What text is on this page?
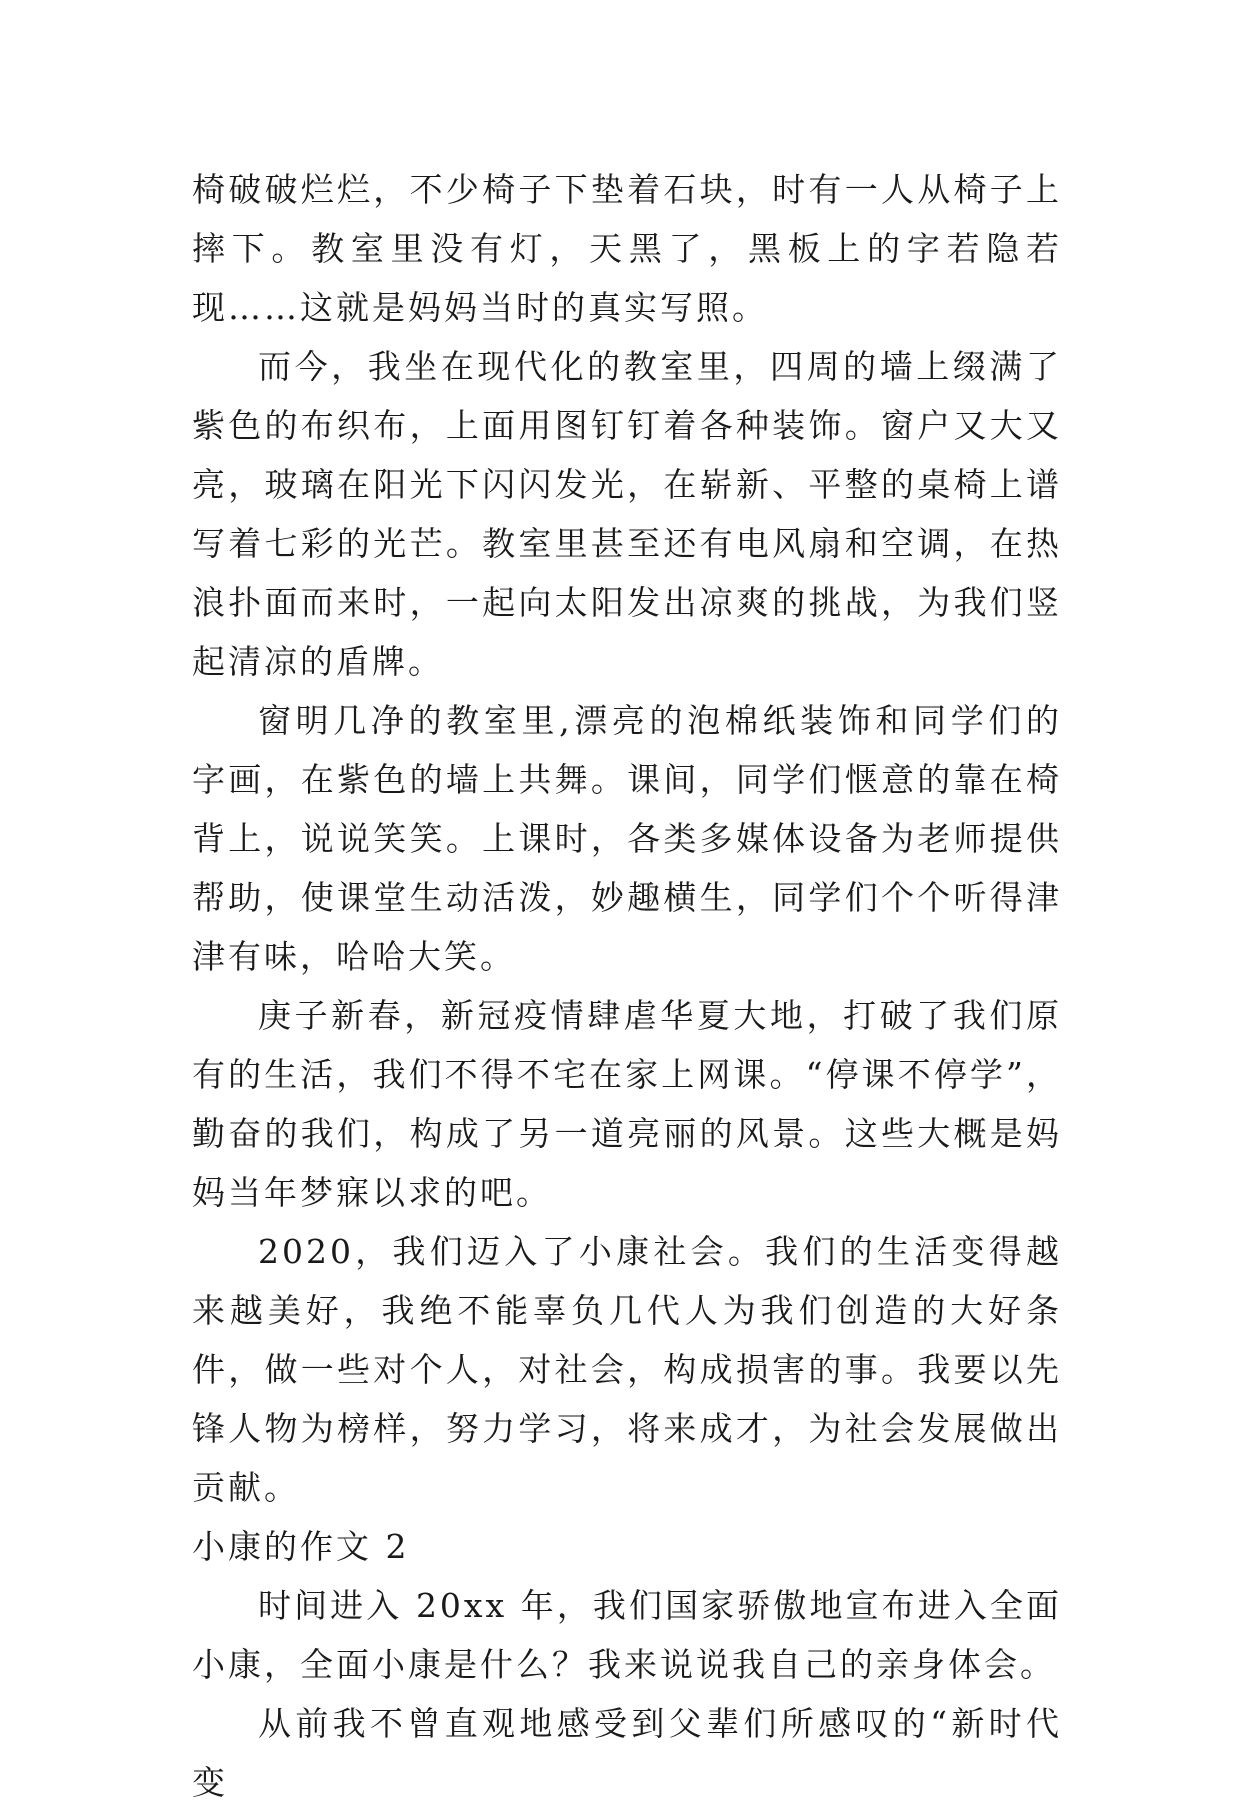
椅破破烂烂，不少椅子下垫着石块，时有一人从椅子上摔下。教室里没有灯，天黑了，黑板上的字若隐若现……这就是妈妈当时的真实写照。

而今，我坐在现代化的教室里，四周的墙上缀满了紫色的布织布，上面用图钉钉着各种装饰。窗户又大又亮，玻璃在阳光下闪闪发光，在崭新、平整的桌椅上谱写着七彩的光芒。教室里甚至还有电风扇和空调，在热浪扑面而来时，一起向太阳发出凉爽的挑战，为我们竖起清凉的盾牌。

窗明几净的教室里,漂亮的泡棉纸装饰和同学们的字画，在紫色的墙上共舞。课间，同学们惬意的靠在椅背上，说说笑笑。上课时，各类多媒体设备为老师提供帮助，使课堂生动活泼，妙趣横生，同学们个个听得津津有味，哈哈大笑。

庚子新春，新冠疫情肆虐华夏大地，打破了我们原有的生活，我们不得不宅在家上网课。“停课不停学”，勤奋的我们，构成了另一道亮丽的风景。这些大概是妈妈当年梦寐以求的吧。

2020，我们迈入了小康社会。我们的生活变得越来越美好，我绝不能辜负几代人为我们创造的大好条件，做一些对个人，对社会，构成损害的事。我要以先锋人物为榜样，努力学习，将来成才，为社会发展做出贡献。

小康的作文 2

时间进入 20xx 年，我们国家骄傲地宣布进入全面小康，全面小康是什么？我来说说我自己的亲身体会。

从前我不曾直观地感受到父辈们所感叹的“新时代变
